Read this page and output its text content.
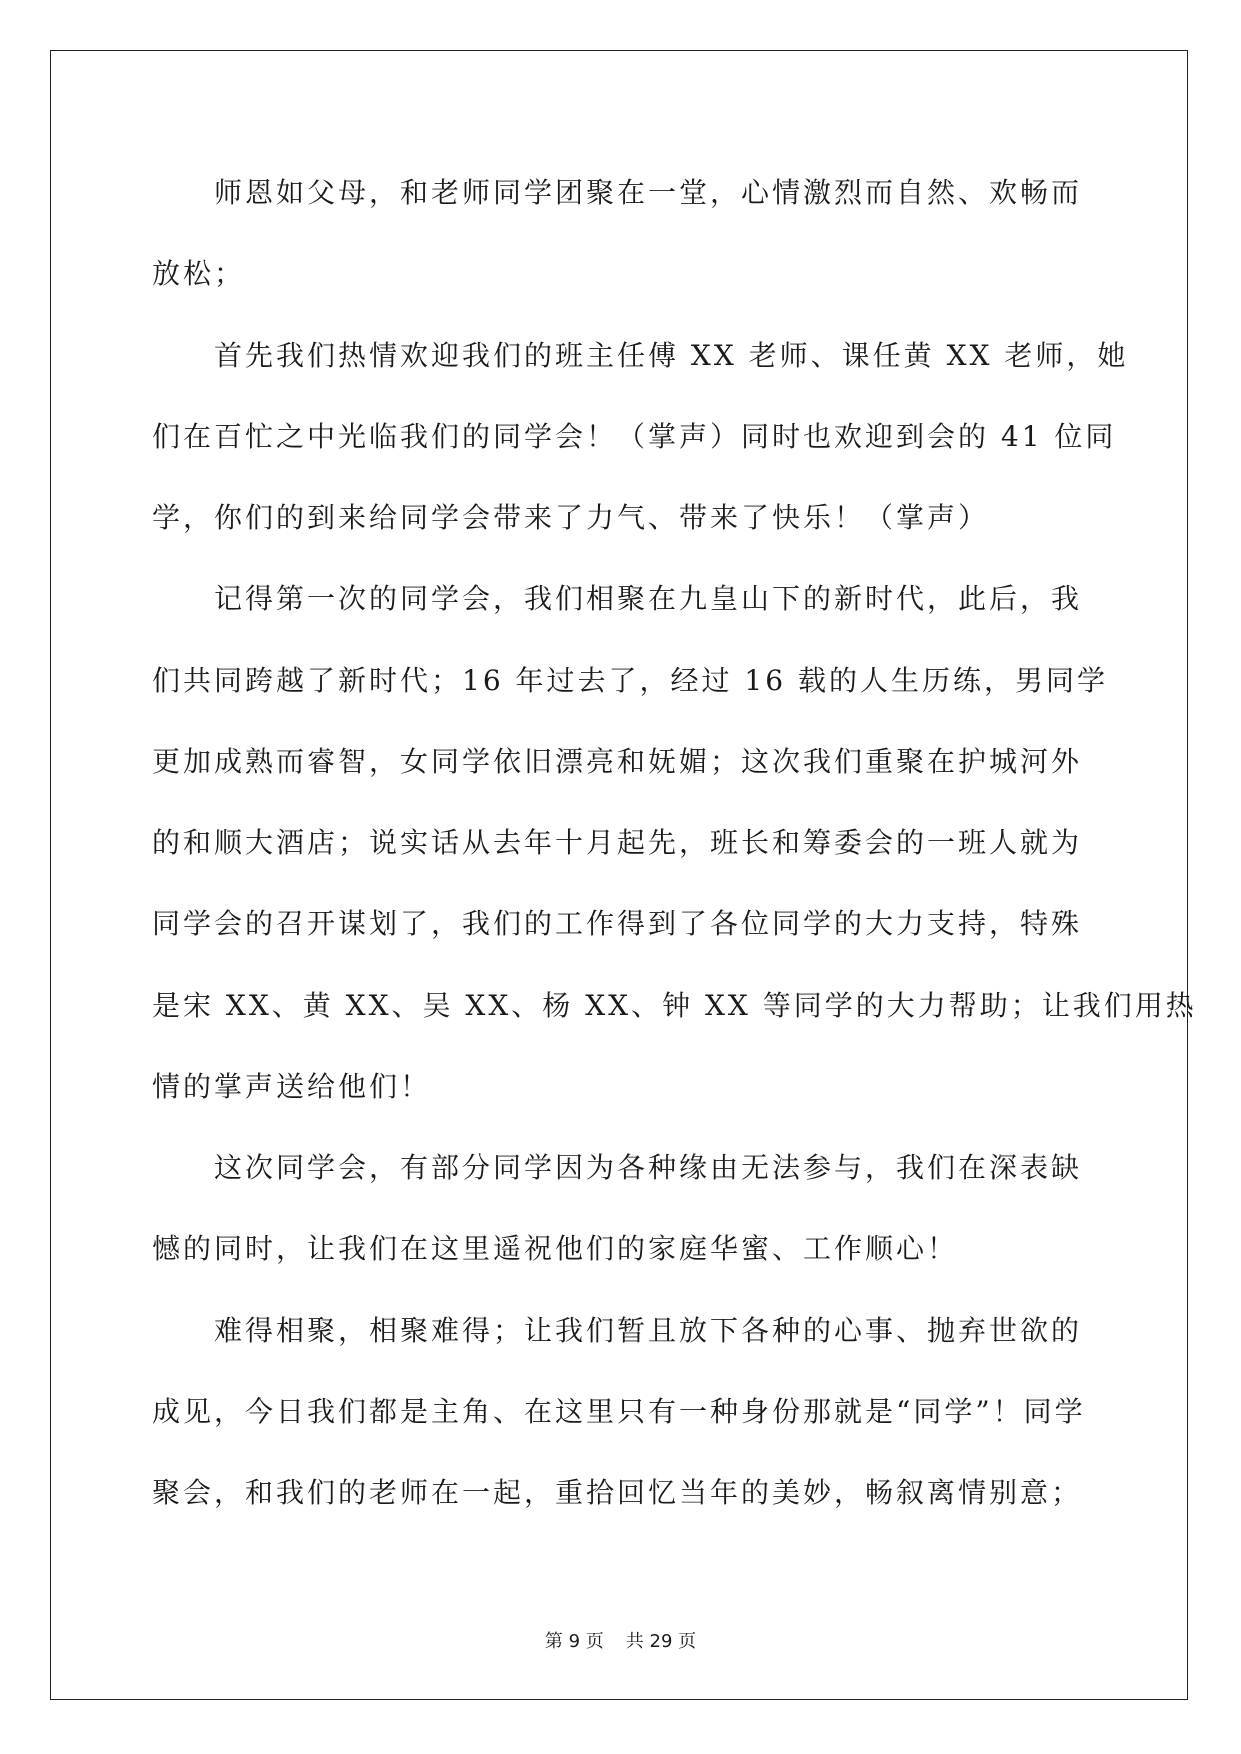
　　师恩如父母，和老师同学团聚在一堂，心情激烈而自然、欢畅而
放松；
　　首先我们热情欢迎我们的班主任傅 XX 老师、课任黄 XX 老师，她
们在百忙之中光临我们的同学会！（掌声）同时也欢迎到会的 41 位同
学，你们的到来给同学会带来了力气、带来了快乐！（掌声）
　　记得第一次的同学会，我们相聚在九皇山下的新时代，此后，我
们共同跨越了新时代；16 年过去了，经过 16 载的人生历练，男同学
更加成熟而睿智，女同学依旧漂亮和妩媚；这次我们重聚在护城河外
的和顺大酒店；说实话从去年十月起先，班长和筹委会的一班人就为
同学会的召开谋划了，我们的工作得到了各位同学的大力支持，特殊
是宋 XX、黄 XX、吴 XX、杨 XX、钟 XX 等同学的大力帮助；让我们用热
情的掌声送给他们！
　　这次同学会，有部分同学因为各种缘由无法参与，我们在深表缺
憾的同时，让我们在这里遥祝他们的家庭华蜜、工作顺心！
　　难得相聚，相聚难得；让我们暂且放下各种的心事、抛弃世欲的
成见，今日我们都是主角、在这里只有一种身份那就是“同学”！同学
聚会，和我们的老师在一起，重拾回忆当年的美妙，畅叙离情别意；
第 9 页 共 29 页
